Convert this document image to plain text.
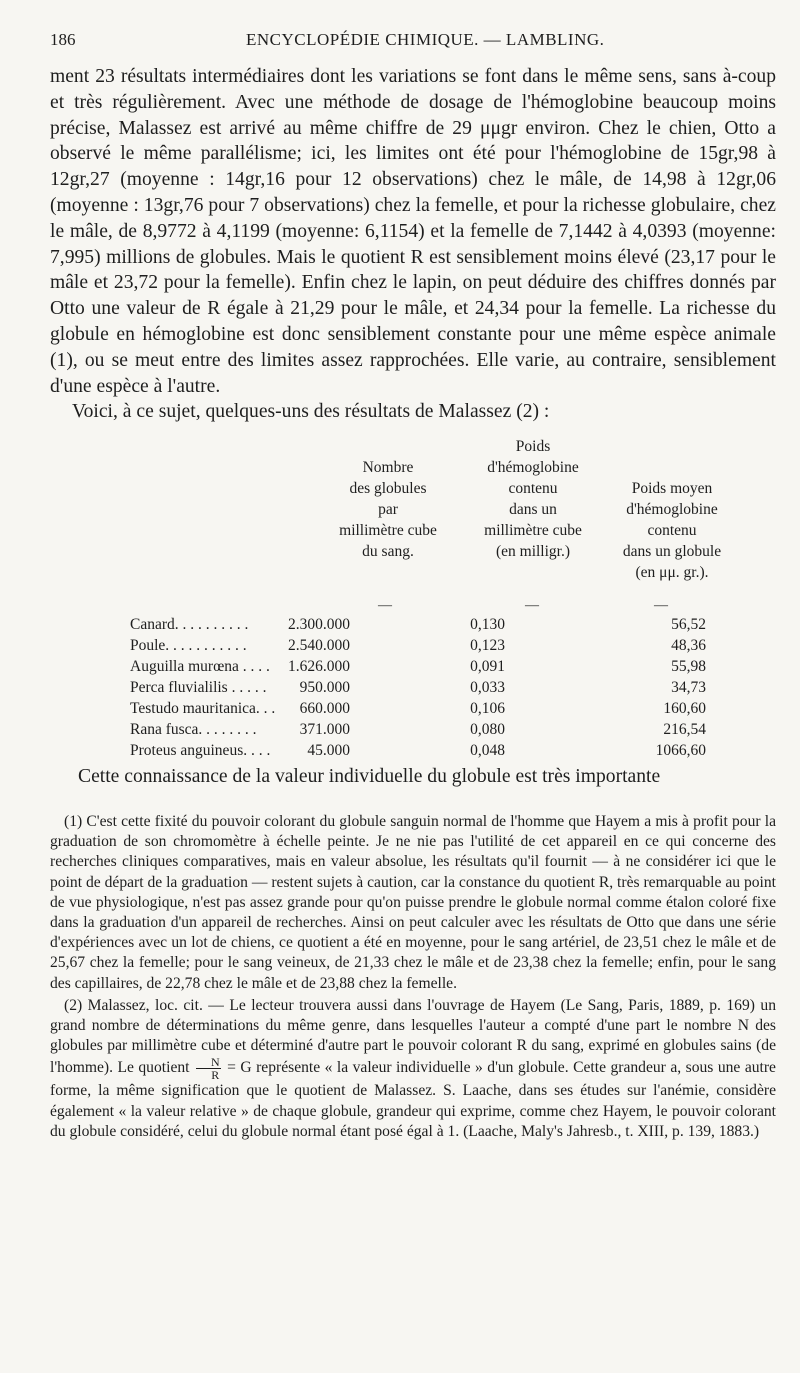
186	ENCYCLOPÉDIE CHIMIQUE. — LAMBLING.

ment 23 résultats intermédiaires dont les variations se font dans le même sens, sans à-coup et très régulièrement. Avec une méthode de dosage de l'hémoglobine beaucoup moins précise, Malassez est arrivé au même chiffre de 29 μμgr environ. Chez le chien, Otto a observé le même parallélisme; ici, les limites ont été pour l'hémoglobine de 15gr,98 à 12gr,27 (moyenne : 14gr,16 pour 12 observations) chez le mâle, de 14,98 à 12gr,06 (moyenne : 13gr,76 pour 7 observations) chez la femelle, et pour la richesse globulaire, chez le mâle, de 8,9772 à 4,1199 (moyenne: 6,1154) et la femelle de 7,1442 à 4,0393 (moyenne: 7,995) millions de globules. Mais le quotient R est sensiblement moins élevé (23,17 pour le mâle et 23,72 pour la femelle). Enfin chez le lapin, on peut déduire des chiffres donnés par Otto une valeur de R égale à 21,29 pour le mâle, et 24,34 pour la femelle. La richesse du globule en hémoglobine est donc sensiblement constante pour une même espèce animale (1), ou se meut entre des limites assez rapprochées. Elle varie, au contraire, sensiblement d'une espèce à l'autre.

Voici, à ce sujet, quelques-uns des résultats de Malassez (2) :

Nombre
des globules
par
millimètre cube
du sang.
Poids
d'hémoglobine
contenu
dans un
millimètre cube
(en milligr.)
Poids moyen
d'hémoglobine
contenu
dans un globule
(en μμ. gr.).
—	—	—
Canard. . . . . . . . . .	2.300.000	0,130	56,52
Poule. . . . . . . . . . .	2.540.000	0,123	48,36
Auguilla murœna . . . . 1.626.000	0,091	55,98
Perca fluvialilis . . . . . 950.000	0,033	34,73
Testudo mauritanica. . . 660.000	0,106	160,60
Rana fusca. . . . . . . .	371.000	0,080	216,54
Proteus anguineus. . . . 45.000	0,048	1066,60
Cette connaissance de la valeur individuelle du globule est très importante

(1) C'est cette fixité du pouvoir colorant du globule sanguin normal de l'homme que Hayem a mis à profit pour la graduation de son chromomètre à échelle peinte. Je ne nie pas l'utilité de cet appareil en ce qui concerne des recherches cliniques comparatives, mais en valeur absolue, les résultats qu'il fournit — à ne considérer ici que le point de départ de la graduation — restent sujets à caution, car la constance du quotient R, très remarquable au point de vue physiologique, n'est pas assez grande pour qu'on puisse prendre le globule normal comme étalon coloré fixe dans la graduation d'un appareil de recherches. Ainsi on peut calculer avec les résultats de Otto que dans une série d'expériences avec un lot de chiens, ce quotient a été en moyenne, pour le sang artériel, de 23,51 chez le mâle et de 25,67 chez la femelle; pour le sang veineux, de 21,33 chez le mâle et de 23,38 chez la femelle; enfin, pour le sang des capillaires, de 22,78 chez le mâle et de 23,88 chez la femelle.

(2) Malassez, loc. cit. — Le lecteur trouvera aussi dans l'ouvrage de Hayem (Le Sang, Paris, 1889, p. 169) un grand nombre de déterminations du même genre, dans lesquelles l'auteur a compté d'une part le nombre N des globules par millimètre cube et déterminé d'autre part le pouvoir colorant R du sang, exprimé en globules sains (de l'homme). Le quotient $\frac{N}{R} = G$ représente « la valeur individuelle » d'un globule. Cette grandeur a, sous une autre forme, la même signification que le quotient de Malassez. S. Laache, dans ses études sur l'anémie, considère également « la valeur relative » de chaque globule, grandeur qui exprime, comme chez Hayem, le pouvoir colorant du globule considéré, celui du globule normal étant posé égal à 1. (Laache, Maly's Jahresb., t. XIII, p. 139, 1883.)
